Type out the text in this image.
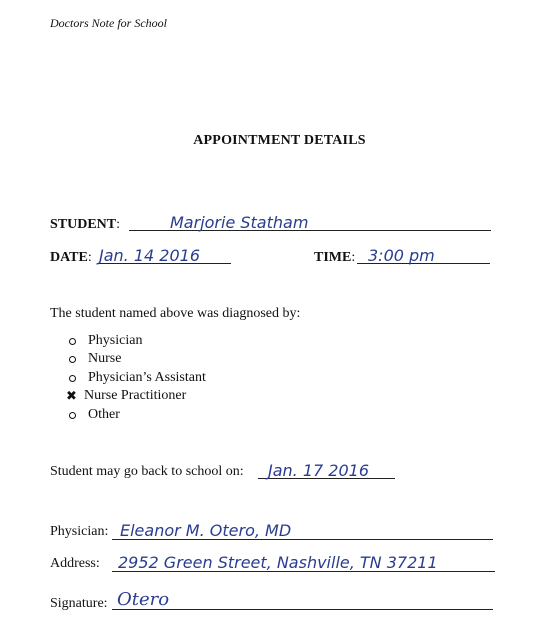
Doctors Note for School
APPOINTMENT DETAILS
STUDENT:	Marjorie Statham
DATE: Jan. 14 2016	TIME: 3:00 pm
The student named above was diagnosed by:
Physician
Nurse
Physician’s Assistant
✖ Nurse Practitioner
Other
Student may go back to school on: Jan. 17 2016
Physician: Eleanor M. Otero, MD
Address: 2952 Green Street, Nashville, TN 37211
Signature: Otero
